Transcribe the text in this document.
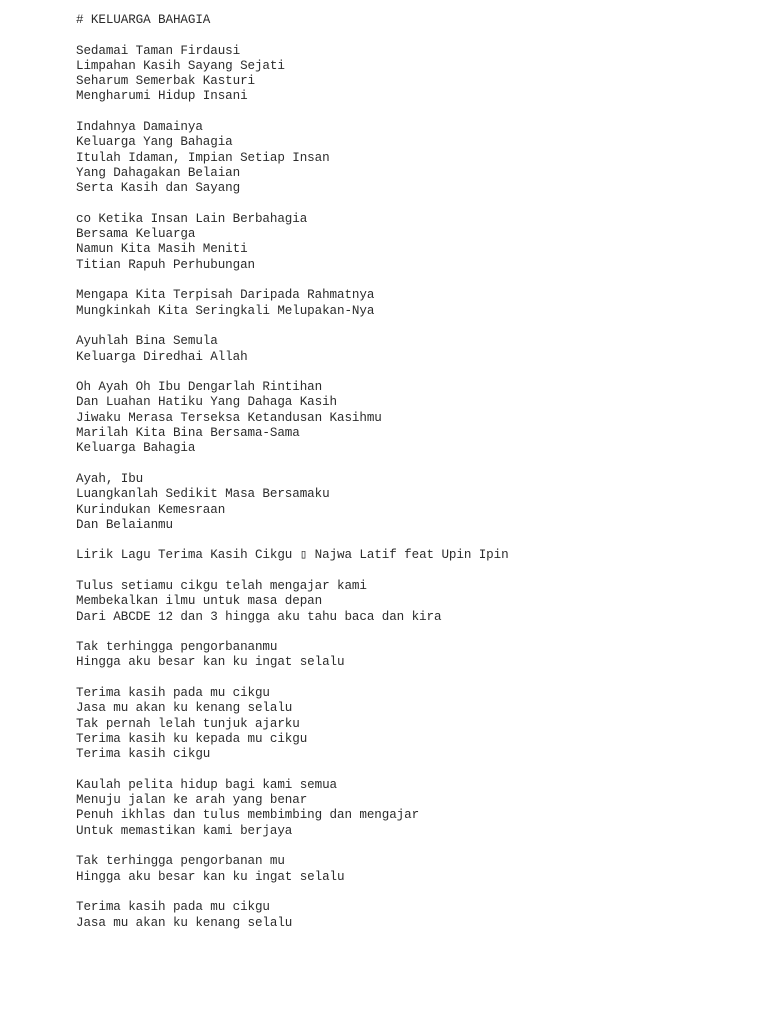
# KELUARGA BAHAGIA
Sedamai Taman Firdausi
Limpahan Kasih Sayang Sejati
Seharum Semerbak Kasturi
Mengharumi Hidup Insani
Indahnya Damainya
Keluarga Yang Bahagia
Itulah Idaman, Impian Setiap Insan
Yang Dahagakan Belaian
Serta Kasih dan Sayang
co Ketika Insan Lain Berbahagia
Bersama Keluarga
Namun Kita Masih Meniti
Titian Rapuh Perhubungan
Mengapa Kita Terpisah Daripada Rahmatnya
Mungkinkah Kita Seringkali Melupakan-Nya
Ayuhlah Bina Semula
Keluarga Diredhai Allah
Oh Ayah Oh Ibu Dengarlah Rintihan
Dan Luahan Hatiku Yang Dahaga Kasih
Jiwaku Merasa Terseksa Ketandusan Kasihmu
Marilah Kita Bina Bersama-Sama
Keluarga Bahagia
Ayah, Ibu
Luangkanlah Sedikit Masa Bersamaku
Kurindukan Kemesraan
Dan Belaianmu
Lirik Lagu Terima Kasih Cikgu ▯ Najwa Latif feat Upin Ipin
Tulus setiamu cikgu telah mengajar kami
Membekalkan ilmu untuk masa depan
Dari ABCDE 12 dan 3 hingga aku tahu baca dan kira
Tak terhingga pengorbananmu
Hingga aku besar kan ku ingat selalu
Terima kasih pada mu cikgu
Jasa mu akan ku kenang selalu
Tak pernah lelah tunjuk ajarku
Terima kasih ku kepada mu cikgu
Terima kasih cikgu
Kaulah pelita hidup bagi kami semua
Menuju jalan ke arah yang benar
Penuh ikhlas dan tulus membimbing dan mengajar
Untuk memastikan kami berjaya
Tak terhingga pengorbanan mu
Hingga aku besar kan ku ingat selalu
Terima kasih pada mu cikgu
Jasa mu akan ku kenang selalu
